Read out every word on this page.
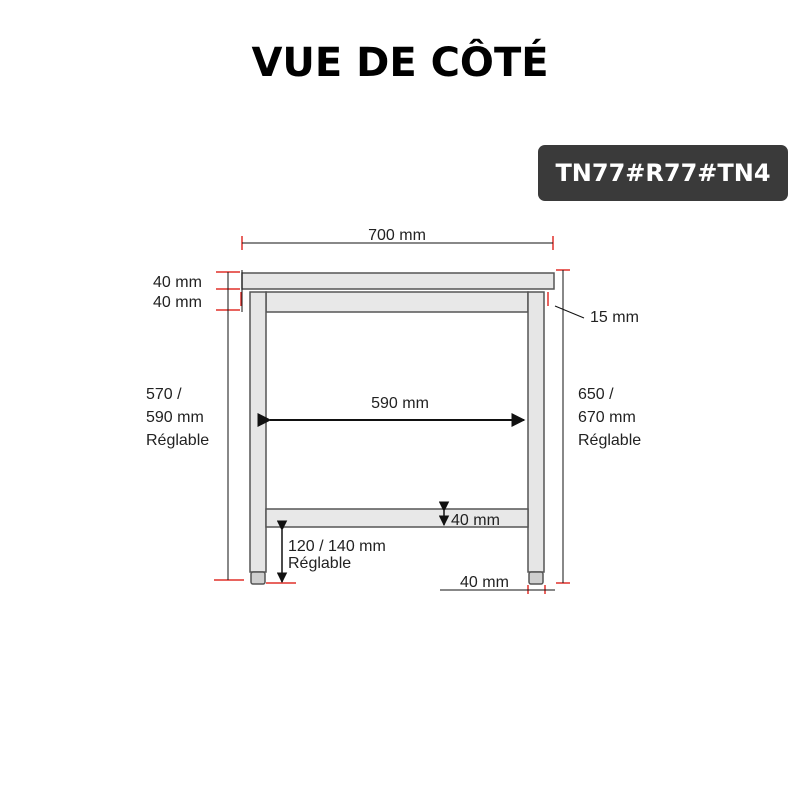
VUE DE CÔTÉ
TN77#R77#TN4
700 mm
40 mm
40 mm
15 mm
570 /
590 mm
Réglable
650 /
670 mm
Réglable
590 mm
40 mm
120 / 140 mm
Réglable
40 mm
